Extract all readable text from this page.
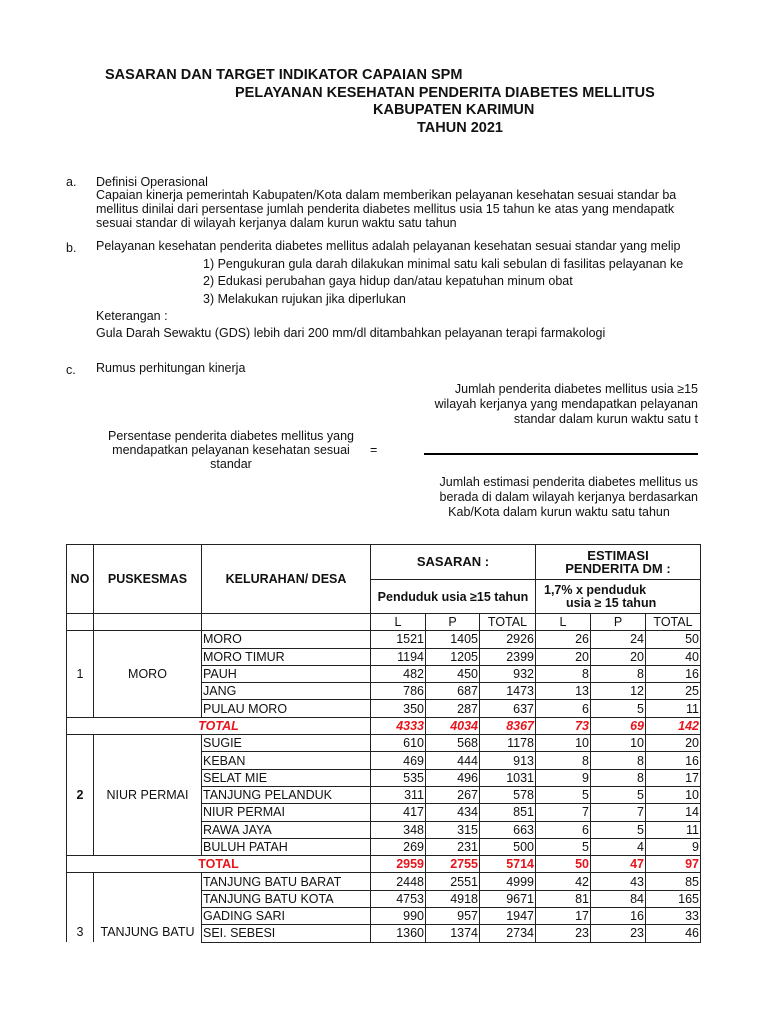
SASARAN DAN TARGET INDIKATOR CAPAIAN SPM
PELAYANAN KESEHATAN PENDERITA DIABETES MELLITUS
KABUPATEN KARIMUN
TAHUN 2021
a. Definisi Operasional
Capaian kinerja pemerintah Kabupaten/Kota dalam memberikan pelayanan kesehatan sesuai standar ba
mellitus dinilai dari persentase jumlah penderita diabetes mellitus usia 15 tahun ke atas yang mendapatk
sesuai standar di wilayah kerjanya dalam kurun waktu satu tahun
b. Pelayanan kesehatan penderita diabetes mellitus adalah pelayanan kesehatan sesuai standar yang melip
1) Pengukuran gula darah dilakukan minimal satu kali sebulan di fasilitas pelayanan ke
2) Edukasi perubahan gaya hidup dan/atau kepatuhan minum obat
3) Melakukan rujukan jika diperlukan
Keterangan :
Gula Darah Sewaktu (GDS) lebih dari 200 mm/dl ditambahkan pelayanan terapi farmakologi
c. Rumus perhitungan kinerja
Persentase penderita diabetes mellitus yang
mendapatkan pelayanan kesehatan sesuai
standar
=
Jumlah penderita diabetes mellitus usia ≥15
wilayah kerjanya yang mendapatkan pelayanan
standar dalam kurun waktu satu t
Jumlah estimasi penderita diabetes mellitus us
berada di dalam wilayah kerjanya berdasarkan
Kab/Kota dalam kurun waktu satu tahun
NO	PUSKESMAS	KELURAHAN/ DESA	SASARAN :			ESTIMASI
PENDERITA DM :		

			Penduduk usia ≥15 tahun			1,7% x penduduk
usia ≥ 15 tahun		

			L	P	TOTAL	L	P	TOTAL
1	MORO	MORO	1521	1405	2926	26	24	50
		MORO TIMUR	1194	1205	2399	20	20	40
		PAUH	482	450	932	8	8	16
		JANG	786	687	1473	13	12	25
		PULAU MORO	350	287	637	6	5	11
TOTAL			4333	4034	8367	73	69	142
2	NIUR PERMAI	SUGIE	610	568	1178	10	10	20
		KEBAN	469	444	913	8	8	16
		SELAT MIE	535	496	1031	9	8	17
		TANJUNG PELANDUK	311	267	578	5	5	10
		NIUR PERMAI	417	434	851	7	7	14
		RAWA JAYA	348	315	663	6	5	11
		BULUH PATAH	269	231	500	5	4	9
TOTAL			2959	2755	5714	50	47	97
3	TANJUNG BATU	TANJUNG BATU BARAT	2448	2551	4999	42	43	85
		TANJUNG BATU KOTA	4753	4918	9671	81	84	165
		GADING SARI	990	957	1947	17	16	33
		SEI. SEBESI	1360	1374	2734	23	23	46
